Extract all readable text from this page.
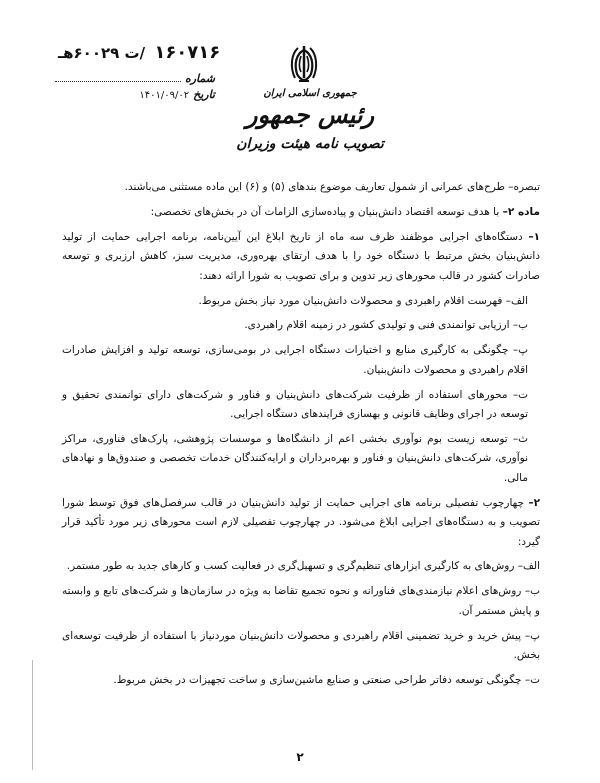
۱۶۰۷۱۶ /ت ۶۰۰۲۹هـ
شماره
تاریخ
۱۴۰۱/۰۹/۰۲	جمهوری اسلامی ایران
رئیس جمهور
تصویب نامه هیئت وزیران

تبصره– طرح‌های عمرانی از شمول تعاریف موضوع بندهای (۵) و (۶) این ماده مستثنی می‌باشند.

ماده ۲– با هدف توسعه اقتصاد دانش‌بنیان و پیاده‌سازی الزامات آن در بخش‌های تخصصی:

۱– دستگاه‌های اجرایی موظفند ظرف سه ماه از تاریخ ابلاغ این آیین‌نامه، برنامه اجرایی حمایت از تولید دانش‌بنیان بخش مرتبط با دستگاه خود را با هدف ارتقای بهره‌وری، مدیریت سبز، کاهش ارزبری و توسعه صادرات کشور در قالب محورهای زیر تدوین و برای تصویب به شورا ارائه دهند:

الف– فهرست اقلام راهبردی و محصولات دانش‌بنیان مورد نیاز بخش مربوط.

ب– ارزیابی توانمندی فنی و تولیدی کشور در زمینه اقلام راهبردی.

پ– چگونگی به کارگیری منابع و اختیارات دستگاه اجرایی در بومی‌سازی، توسعه تولید و افزایش صادرات اقلام راهبردی و محصولات دانش‌بنیان.

ت– محورهای استفاده از ظرفیت شرکت‌های دانش‌بنیان و فناور و شرکت‌های دارای توانمندی تحقیق و توسعه در اجرای وظایف قانونی و بهسازی فرایندهای دستگاه اجرایی.

ث– توسعه زیست بوم نوآوری بخشی اعم از دانشگاه‌ها و موسسات پژوهشی، پارک‌های فناوری، مراکز نوآوری، شرکت‌های دانش‌بنیان و فناور و بهره‌برداران و ارایه‌کنندگان خدمات تخصصی و صندوق‌ها و نهادهای مالی.

۲– چهارچوب تفصیلی برنامه های اجرایی حمایت از تولید دانش‌بنیان در قالب سرفصل‌های فوق توسط شورا تصویب و به دستگاه‌های اجرایی ابلاغ می‌شود. در چهارچوب تفصیلی لازم است محورهای زیر مورد تأکید قرار گیرد:

الف– روش‌های به کارگیری ابزارهای تنظیم‌گری و تسهیل‌گری در فعالیت کسب و کارهای جدید به طور مستمر.

ب– روش‌های اعلام نیازمندی‌های فناورانه و نحوه تجمیع تقاضا به ویژه در سازمان‌ها و شرکت‌های تابع و وابسته و پایش مستمر آن.

پ– پیش خرید و خرید تضمینی اقلام راهبردی و محصولات دانش‌بنیان موردنیاز با استفاده از ظرفیت توسعه‌ای بخش.

ت– چگونگی توسعه دفاتر طراحی صنعتی و صنایع ماشین‌سازی و ساخت تجهیزات در بخش مربوط.

۲
